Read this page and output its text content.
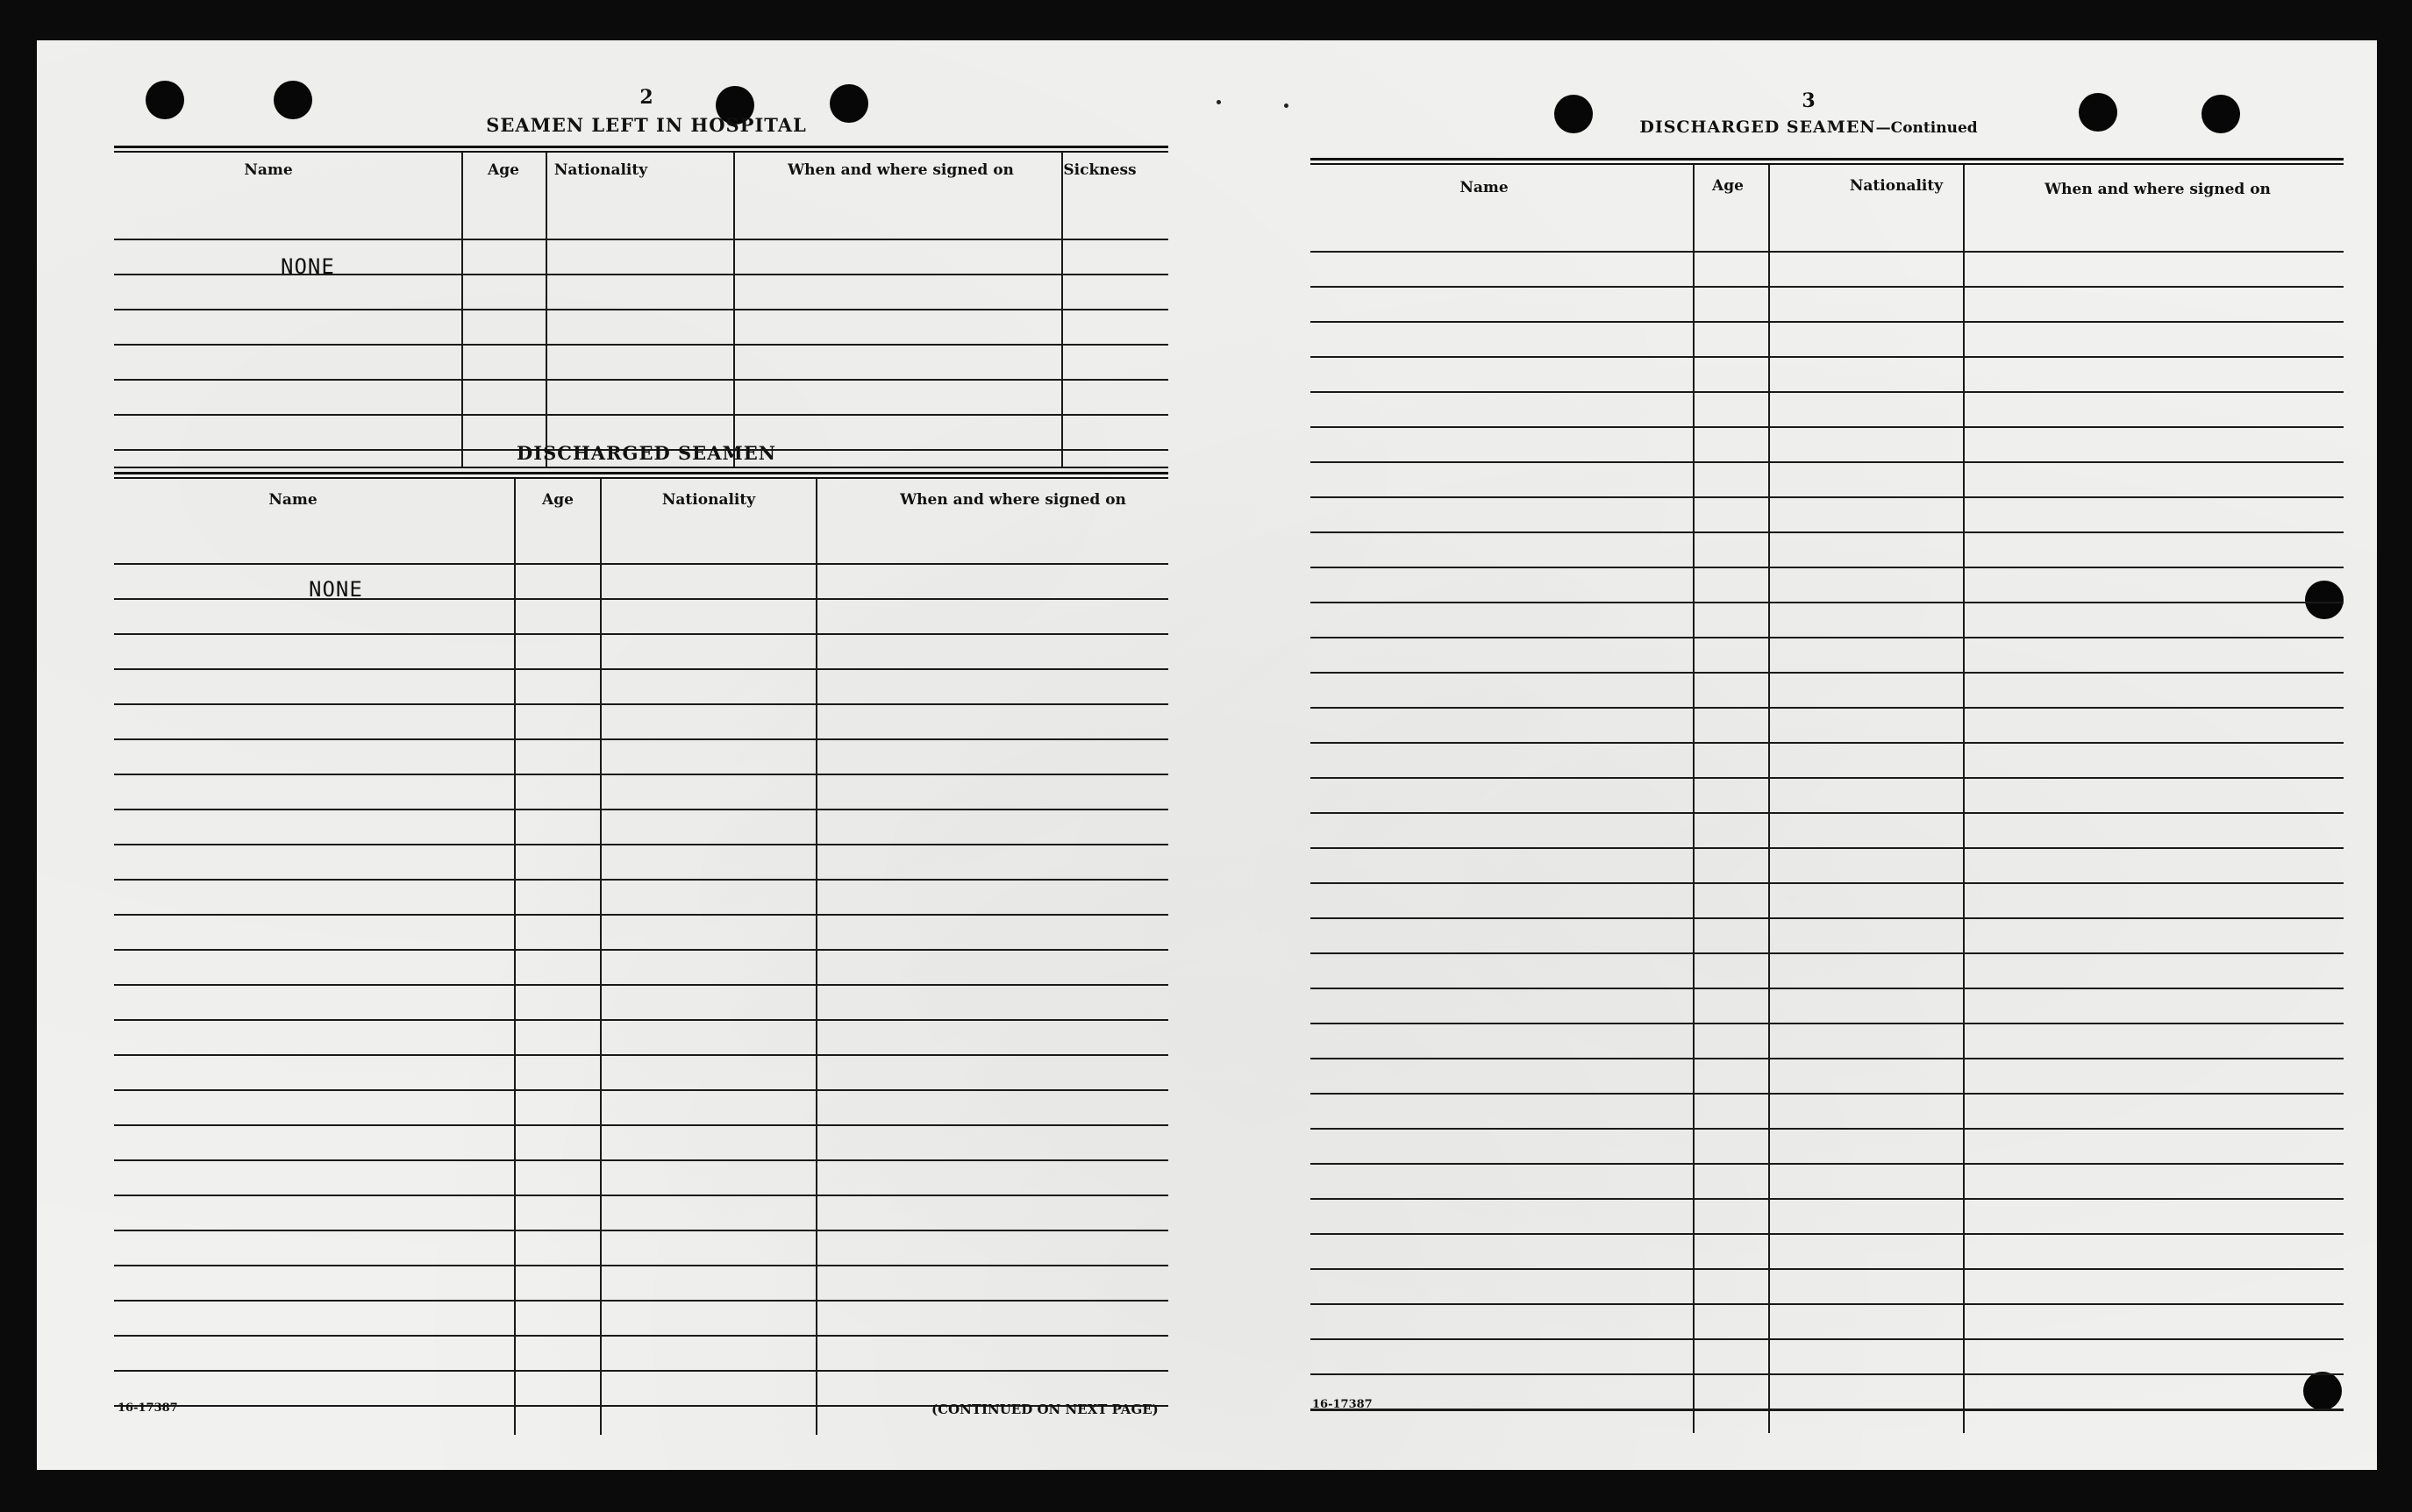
2
SEAMEN LEFT IN HOSPITAL
Name	Age Nationality	When and where signed on	Sickness
NONE
DISCHARGED SEAMEN
Name	Age	Nationality	When and where signed on
NONE
16-17387	(CONTINUED ON NEXT PAGE)
3
DISCHARGED SEAMEN—Continued
Name	Age	Nationality	When and where signed on
16-17387
